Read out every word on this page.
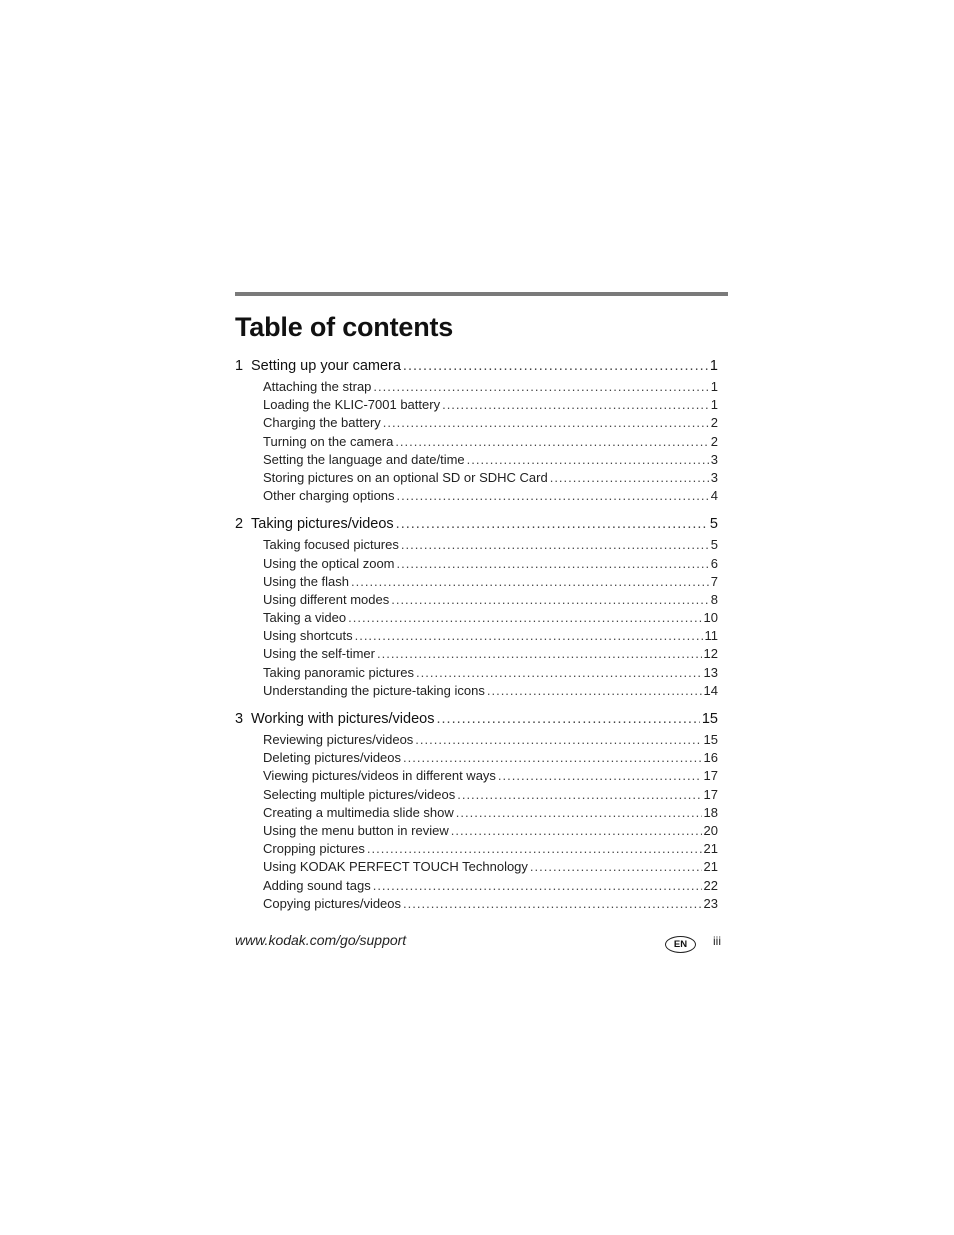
Table of contents
1 Setting up your camera .....	1
Attaching the strap .....	1
Loading the KLIC-7001 battery .....	1
Charging the battery .....	2
Turning on the camera .....	2
Setting the language and date/time .....	3
Storing pictures on an optional SD or SDHC Card .....	3
Other charging options .....	4
2 Taking pictures/videos .....	5
Taking focused pictures .....	5
Using the optical zoom .....	6
Using the flash .....	7
Using different modes .....	8
Taking a video .....	10
Using shortcuts .....	11
Using the self-timer .....	12
Taking panoramic pictures .....	13
Understanding the picture-taking icons .....	14
3 Working with pictures/videos .....	15
Reviewing pictures/videos .....	15
Deleting pictures/videos .....	16
Viewing pictures/videos in different ways .....	17
Selecting multiple pictures/videos .....	17
Creating a multimedia slide show .....	18
Using the menu button in review .....	20
Cropping pictures .....	21
Using KODAK PERFECT TOUCH Technology .....	21
Adding sound tags .....	22
Copying pictures/videos .....	23
www.kodak.com/go/support	EN	iii
